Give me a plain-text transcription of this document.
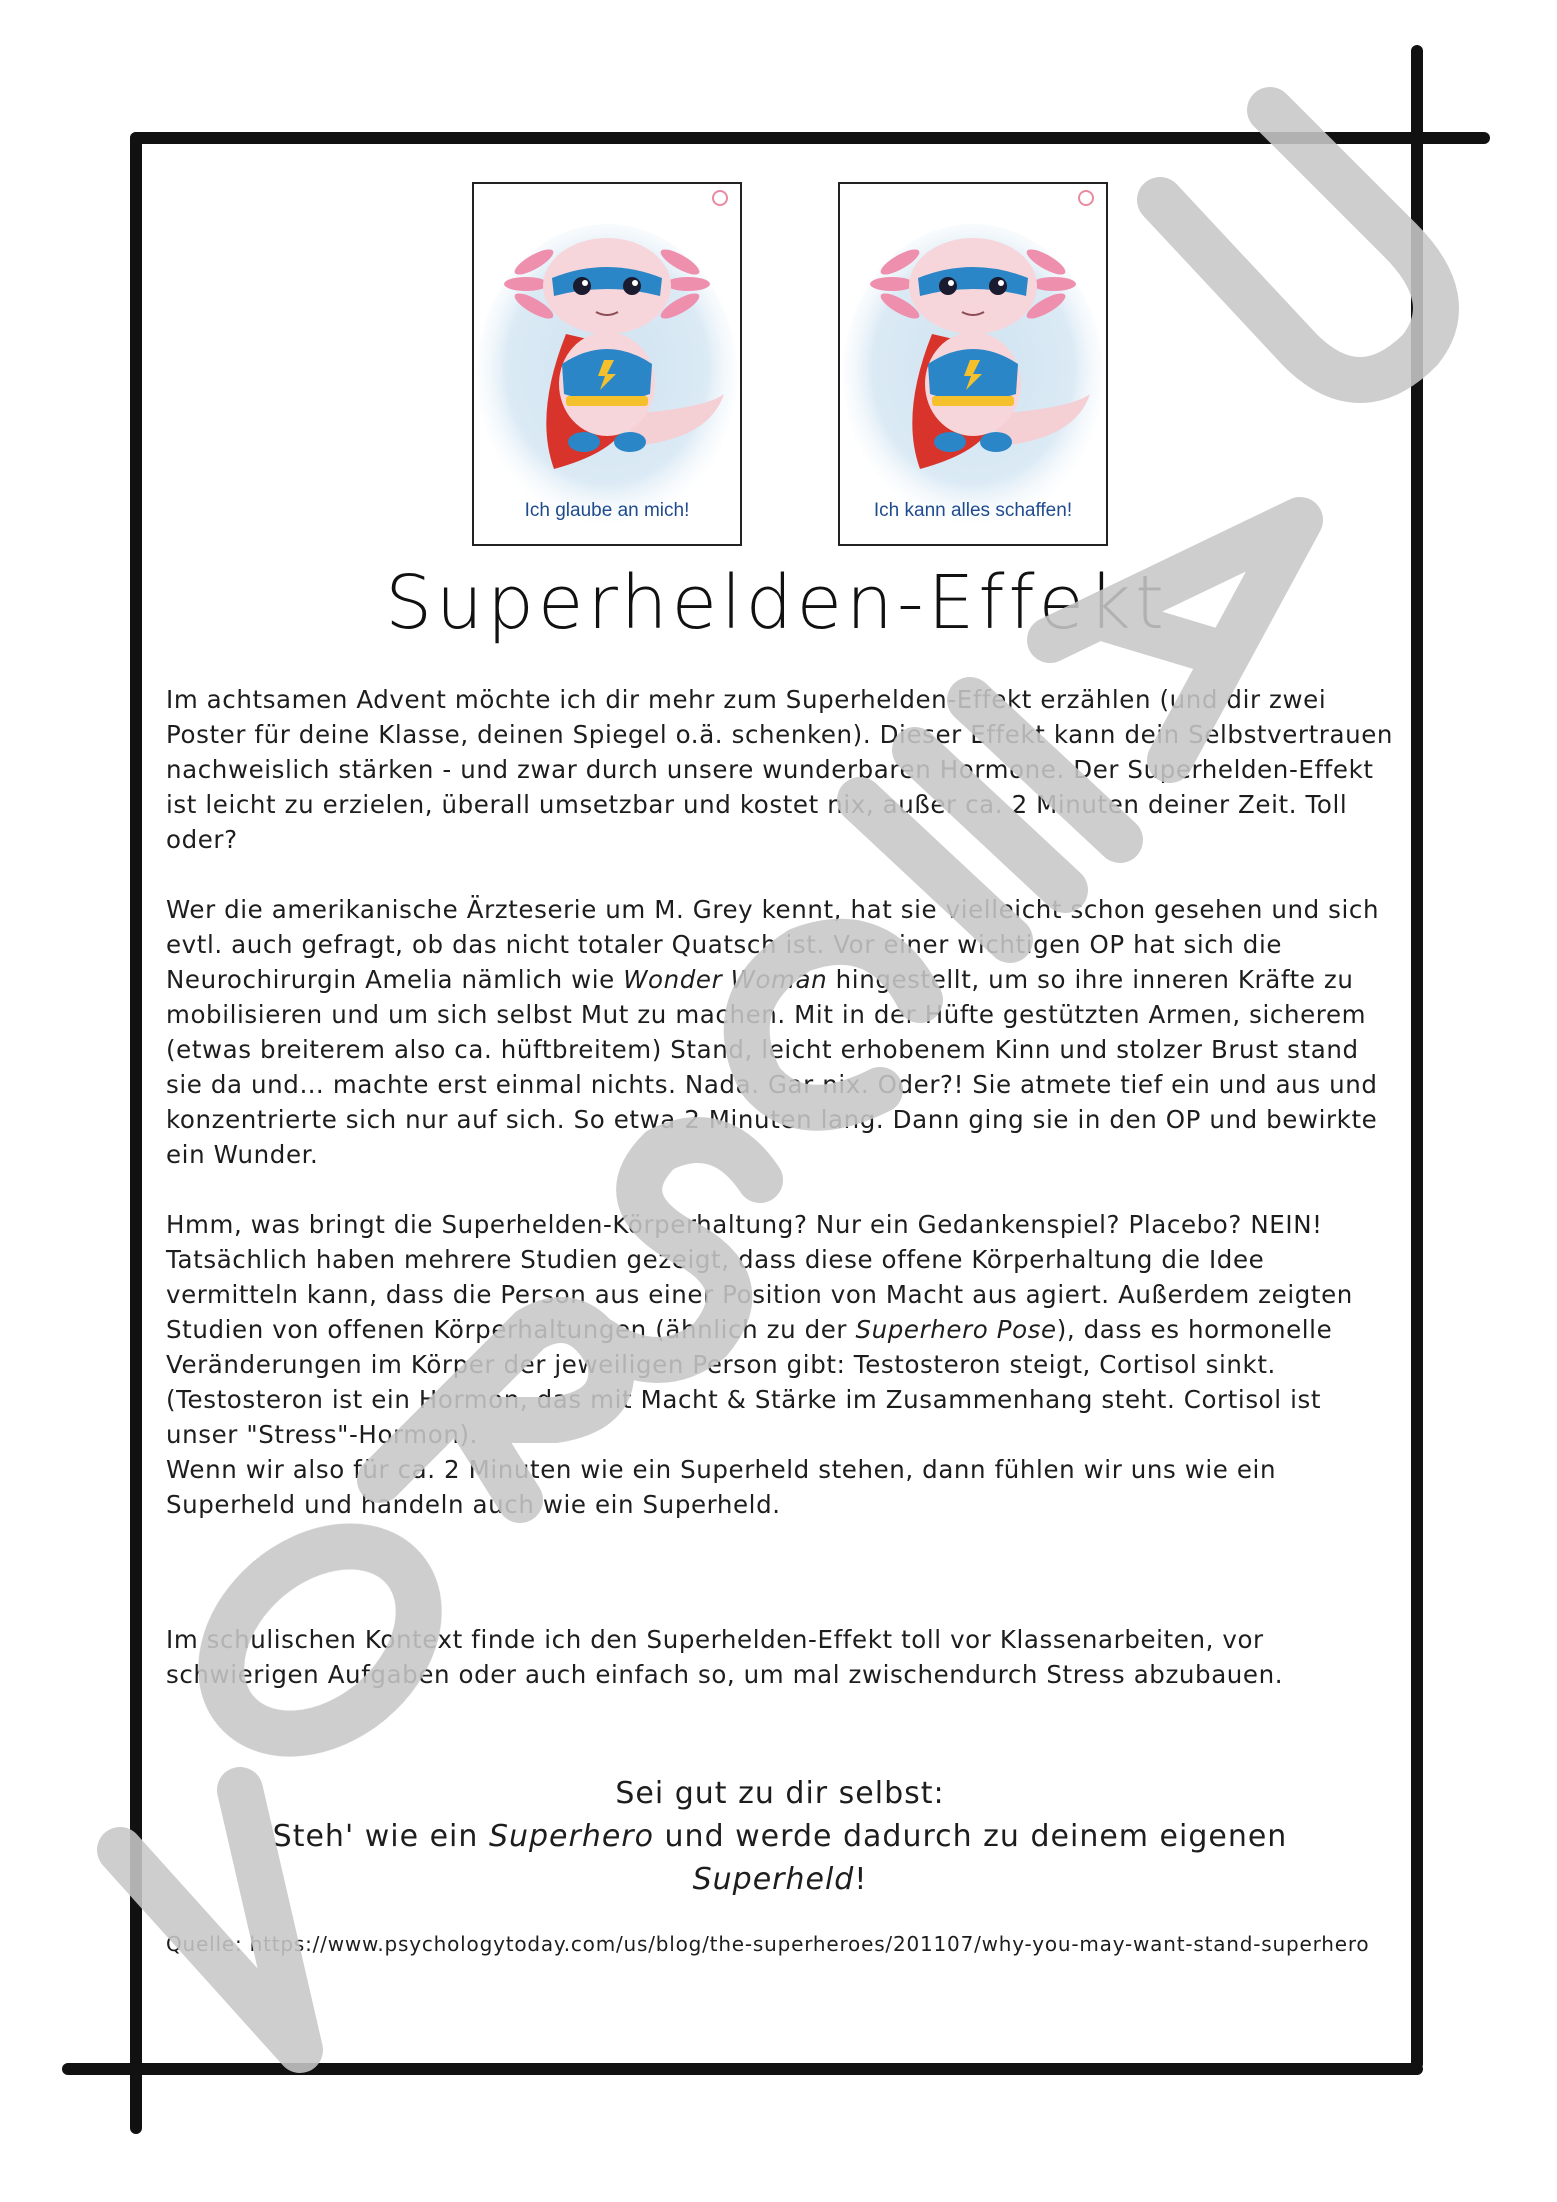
Ich glaube an mich!	Ich kann alles schaffen!
Superhelden-Effekt

Im achtsamen Advent möchte ich dir mehr zum Superhelden-Effekt erzählen (und dir zwei Poster für deine Klasse, deinen Spiegel o.ä. schenken). Dieser Effekt kann dein Selbstvertrauen nachweislich stärken - und zwar durch unsere wunderbaren Hormone. Der Superhelden-Effekt ist leicht zu erzielen, überall umsetzbar und kostet nix, außer ca. 2 Minuten deiner Zeit. Toll oder?

Wer die amerikanische Ärzteserie um M. Grey kennt, hat sie vielleicht schon gesehen und sich evtl. auch gefragt, ob das nicht totaler Quatsch ist. Vor einer wichtigen OP hat sich die Neurochirurgin Amelia nämlich wie Wonder Woman hingestellt, um so ihre inneren Kräfte zu mobilisieren und um sich selbst Mut zu machen. Mit in der Hüfte gestützten Armen, sicherem (etwas breiterem also ca. hüftbreitem) Stand, leicht erhobenem Kinn und stolzer Brust stand sie da und… machte erst einmal nichts. Nada. Gar nix. Oder?! Sie atmete tief ein und aus und konzentrierte sich nur auf sich. So etwa 2 Minuten lang. Dann ging sie in den OP und bewirkte ein Wunder.

Hmm, was bringt die Superhelden-Körperhaltung? Nur ein Gedankenspiel? Placebo? NEIN! Tatsächlich haben mehrere Studien gezeigt, dass diese offene Körperhaltung die Idee vermitteln kann, dass die Person aus einer Position von Macht aus agiert. Außerdem zeigten Studien von offenen Körperhaltungen (ähnlich zu der Superhero Pose), dass es hormonelle Veränderungen im Körper der jeweiligen Person gibt: Testosteron steigt, Cortisol sinkt. (Testosteron ist ein Hormon, das mit Macht & Stärke im Zusammenhang steht. Cortisol ist unser "Stress"-Hormon).

Wenn wir also für ca. 2 Minuten wie ein Superheld stehen, dann fühlen wir uns wie ein Superheld und handeln auch wie ein Superheld.

Im schulischen Kontext finde ich den Superhelden-Effekt toll vor Klassenarbeiten, vor schwierigen Aufgaben oder auch einfach so, um mal zwischendurch Stress abzubauen.

Sei gut zu dir selbst:

Steh' wie ein Superhero und werde dadurch zu deinem eigenen

Superheld!

Quelle: https://www.psychologytoday.com/us/blog/the-superheroes/201107/why-you-may-want-stand-superhero
